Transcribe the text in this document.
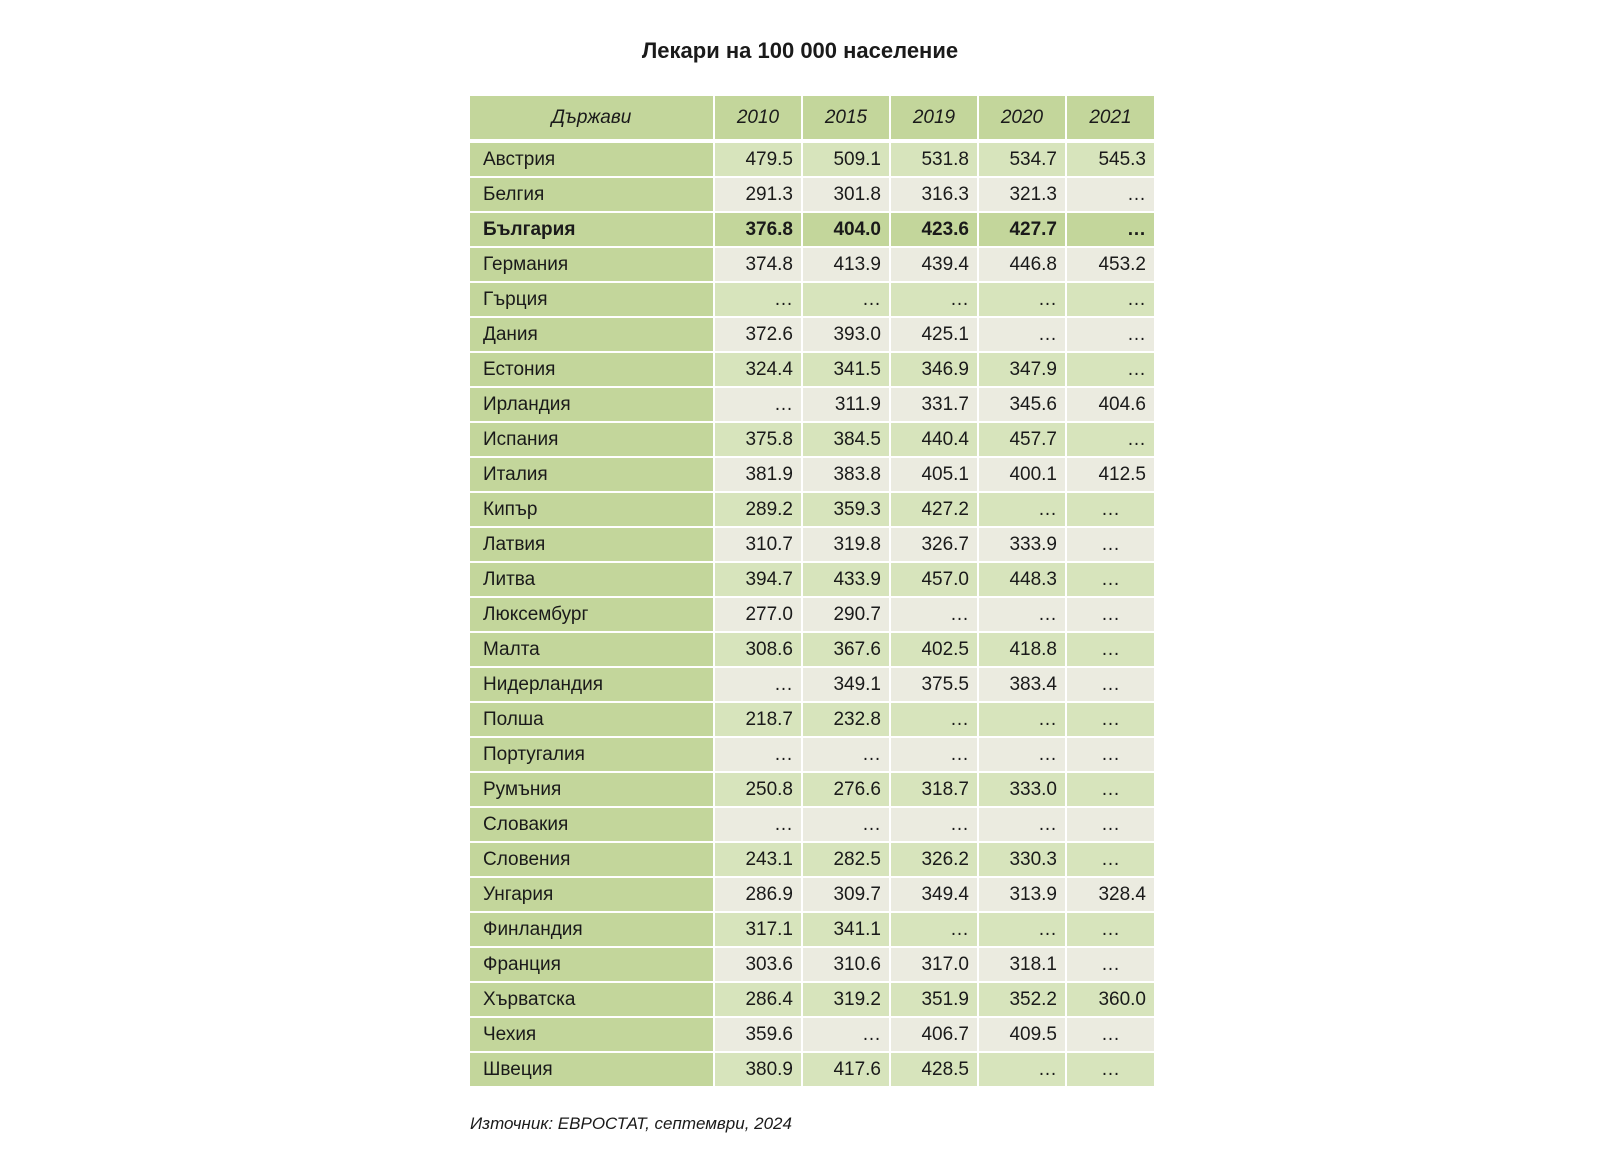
Лекари на 100 000 население
Държави	2010	2015	2019	2020	2021
Австрия	479.5	509.1	531.8	534.7	545.3
Белгия	291.3	301.8	316.3	321.3	…
България	376.8	404.0	423.6	427.7	…
Германия	374.8	413.9	439.4	446.8	453.2
Гърция	…	…	…	…	…
Дания	372.6	393.0	425.1	…	…
Естония	324.4	341.5	346.9	347.9	…
Ирландия	…	311.9	331.7	345.6	404.6
Испания	375.8	384.5	440.4	457.7	…
Италия	381.9	383.8	405.1	400.1	412.5
Кипър	289.2	359.3	427.2	…	…
Латвия	310.7	319.8	326.7	333.9	…
Литва	394.7	433.9	457.0	448.3	…
Люксембург	277.0	290.7	…	…	…
Малта	308.6	367.6	402.5	418.8	…
Нидерландия	…	349.1	375.5	383.4	…
Полша	218.7	232.8	…	…	…
Португалия	…	…	…	…	…
Румъния	250.8	276.6	318.7	333.0	…
Словакия	…	…	…	…	…
Словения	243.1	282.5	326.2	330.3	…
Унгария	286.9	309.7	349.4	313.9	328.4
Финландия	317.1	341.1	…	…	…
Франция	303.6	310.6	317.0	318.1	…
Хърватска	286.4	319.2	351.9	352.2	360.0
Чехия	359.6	…	406.7	409.5	…
Швеция	380.9	417.6	428.5	…	…
Източник: ЕВРОСТАТ, септември, 2024
